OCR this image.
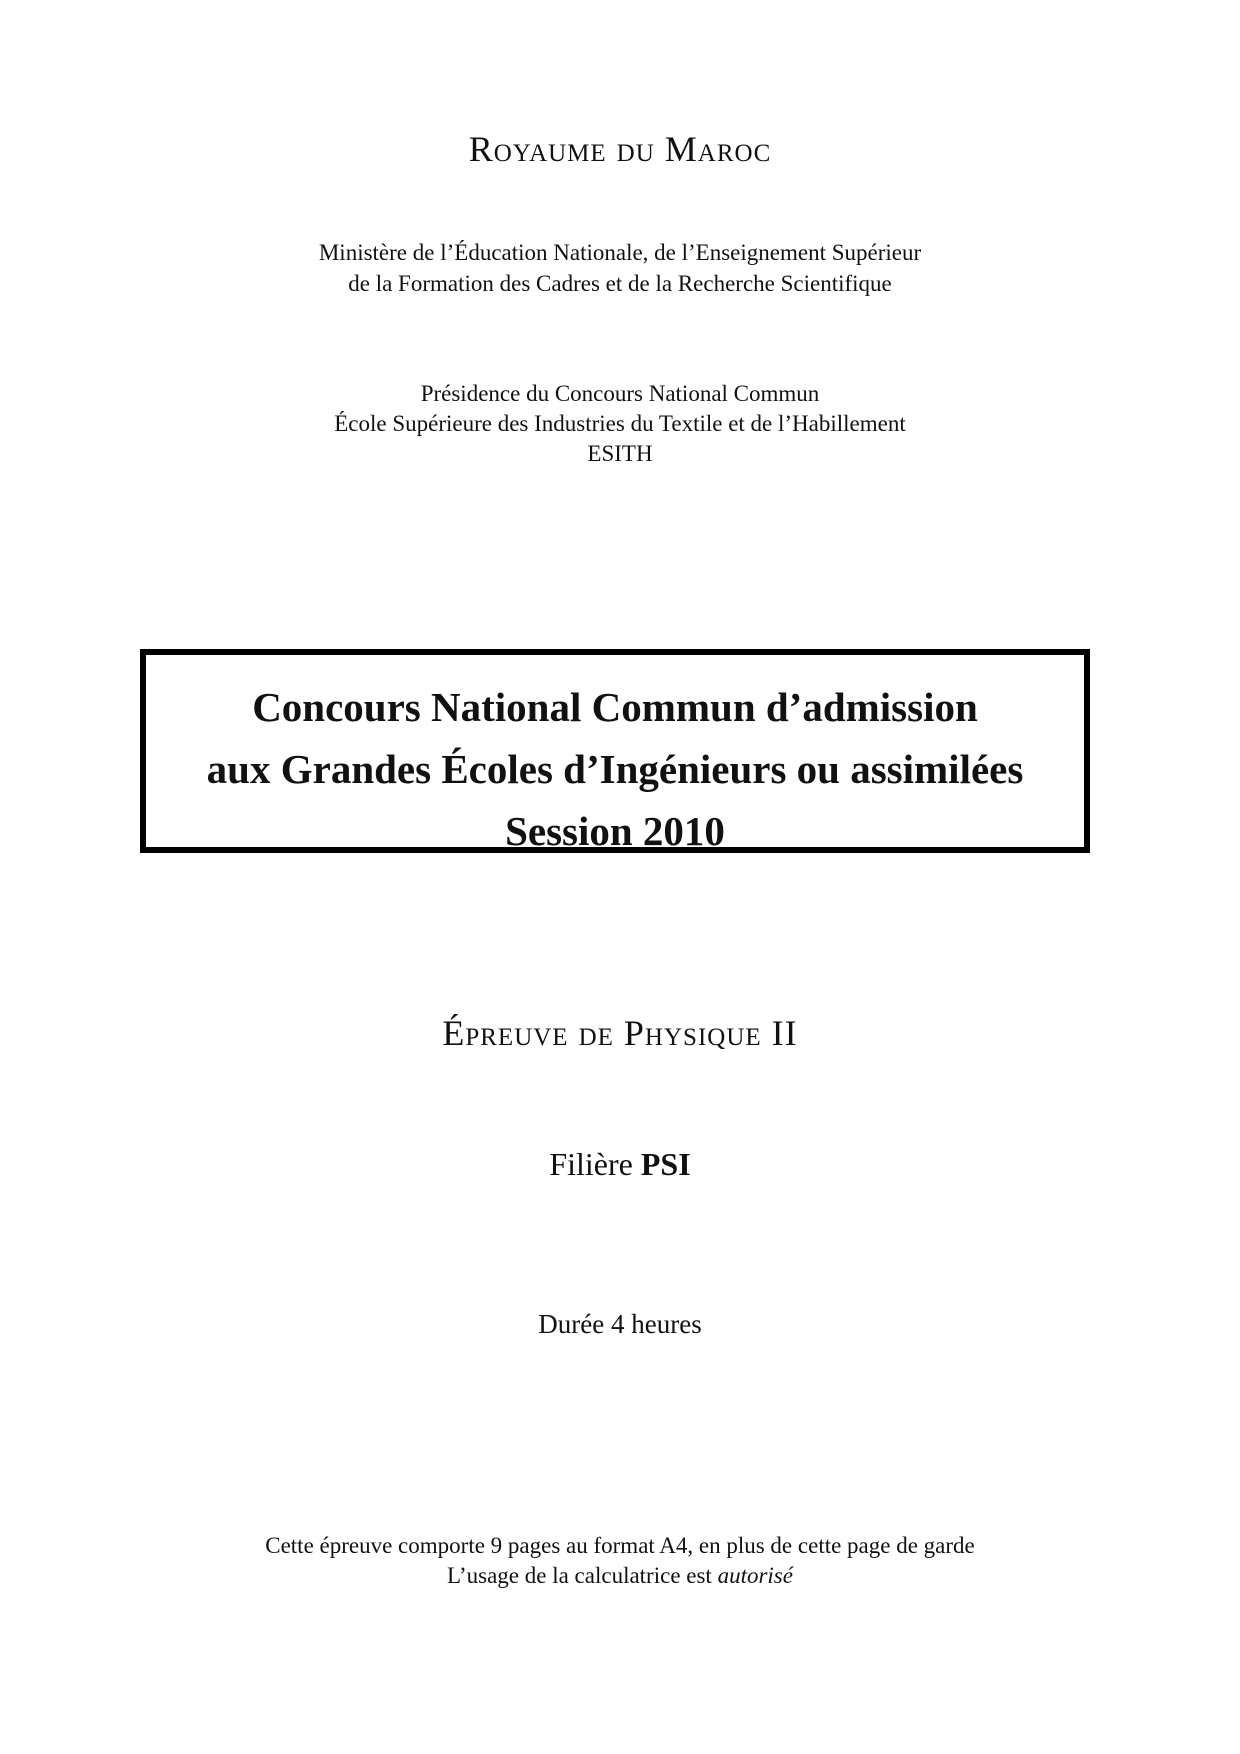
Royaume du Maroc
Ministère de l’Éducation Nationale, de l’Enseignement Supérieur
de la Formation des Cadres et de la Recherche Scientifique
Présidence du Concours National Commun
École Supérieure des Industries du Textile et de l’Habillement
ESITH
Concours National Commun d’admission
aux Grandes Écoles d’Ingénieurs ou assimilées
Session 2010
Épreuve de Physique II
Filière PSI
Durée 4 heures
Cette épreuve comporte 9 pages au format A4, en plus de cette page de garde
L’usage de la calculatrice est autorisé
